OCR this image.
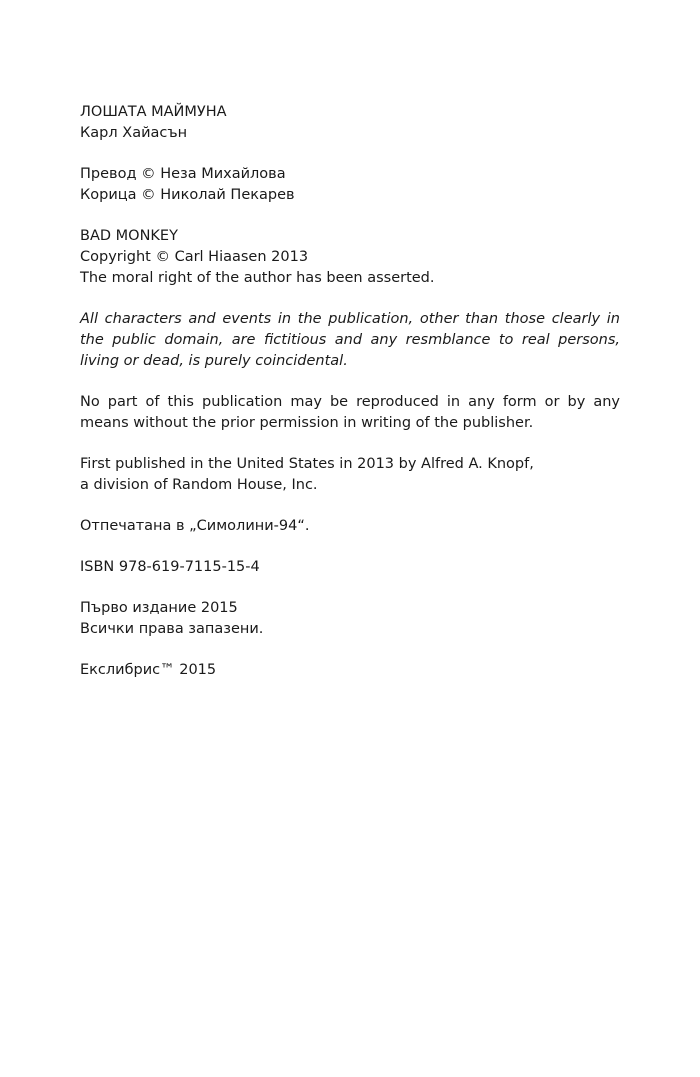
ЛОШАТА МАЙМУНА
Карл Хайасън
Превод © Неза Михайлова
Корица © Николай Пекарев
BAD MONKEY
Copyright © Carl Hiaasen 2013
The moral right of the author has been asserted.
All characters and events in the publication, other than those clearly in the public domain, are fictitious and any resmblance to real persons, living or dead, is purely coincidental.
No part of this publication may be reproduced in any form or by any means without the prior permission in writing of the publisher.
First published in the United States in 2013 by Alfred A. Knopf,
a division of Random House, Inc.
Отпечатана в „Симолини-94“.
ISBN 978-619-7115-15-4
Първо издание 2015
Всички права запазени.
Екслибрис™ 2015
